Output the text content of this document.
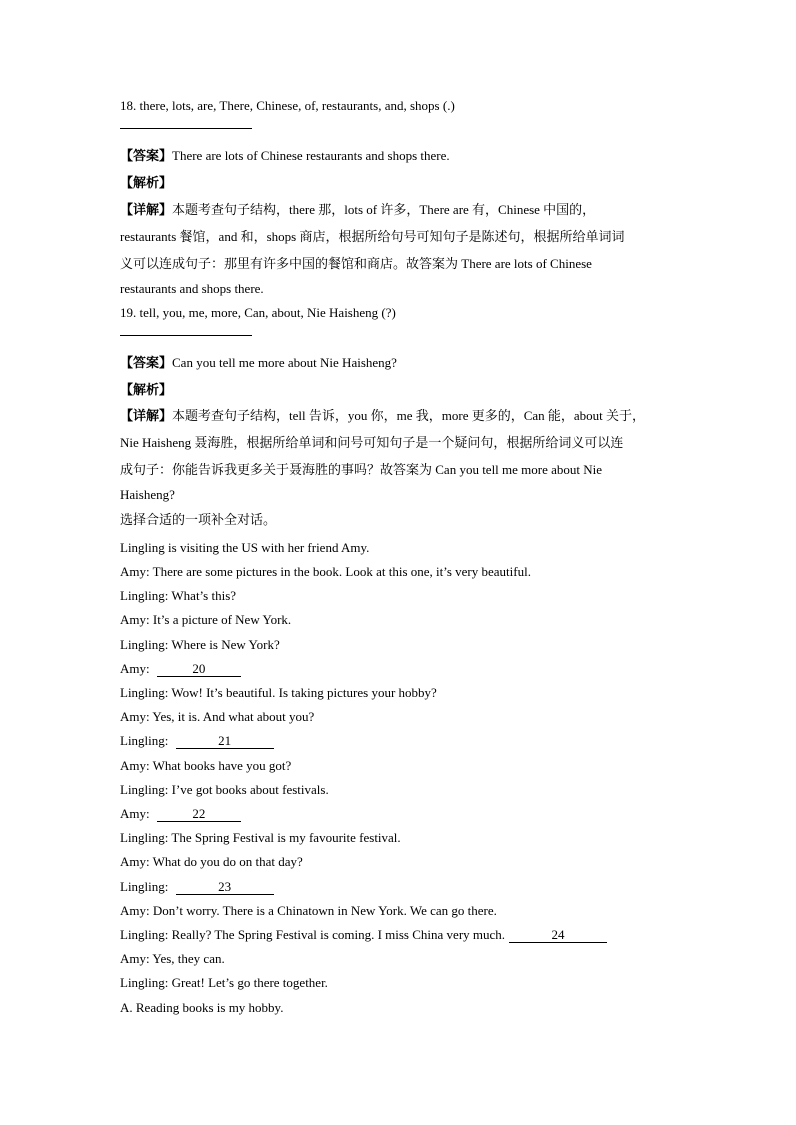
18. there, lots, are, There, Chinese, of, restaurants, and, shops (.)
【答案】There are lots of Chinese restaurants and shops there.
【解析】
【详解】本题考查句子结构，there 那，lots of 许多，There are 有，Chinese 中国的，
restaurants 餐馆，and 和，shops 商店，根据所给句号可知句子是陈述句，根据所给单词词
义可以连成句子：那里有许多中国的餐馆和商店。故答案为 There are lots of Chinese
restaurants and shops there.
19. tell, you, me, more, Can, about, Nie Haisheng (?)
【答案】Can you tell me more about Nie Haisheng?
【解析】
【详解】本题考查句子结构，tell 告诉，you 你，me 我，more 更多的，Can 能，about 关于，
Nie Haisheng 聂海胜，根据所给单词和问号可知句子是一个疑问句，根据所给词义可以连
成句子：你能告诉我更多关于聂海胜的事吗？故答案为 Can you tell me more about Nie
Haisheng?
选择合适的一项补全对话。
Lingling is visiting the US with her friend Amy.
Amy: There are some pictures in the book. Look at this one, it’s very beautiful.
Lingling: What’s this?
Amy: It’s a picture of New York.
Lingling: Where is New York?
Amy:	20
Lingling: Wow! It’s beautiful. Is taking pictures your hobby?
Amy: Yes, it is. And what about you?
Lingling:	21
Amy: What books have you got?
Lingling: I’ve got books about festivals.
Amy:	22
Lingling: The Spring Festival is my favourite festival.
Amy: What do you do on that day?
Lingling:	23
Amy: Don’t worry. There is a Chinatown in New York. We can go there.
Lingling: Really? The Spring Festival is coming. I miss China very much.	24
Amy: Yes, they can.
Lingling: Great! Let’s go there together.
A. Reading books is my hobby.
